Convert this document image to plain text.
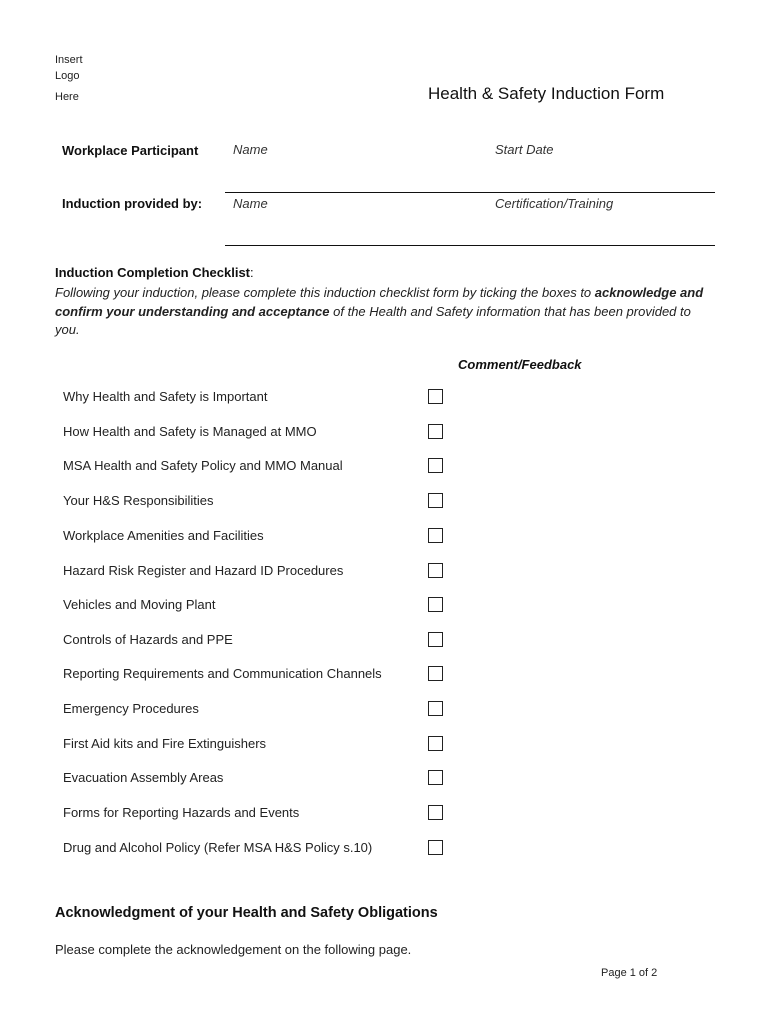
Insert
Logo
Here	Health & Safety Induction Form
Workplace Participant	Name	Start Date
Induction provided by: Name	Certification/Training
Induction Completion Checklist:
Following your induction, please complete this induction checklist form by ticking the boxes to acknowledge and confirm your understanding and acceptance of the Health and Safety information that has been provided to you.
Comment/Feedback
Why Health and Safety is Important
How Health and Safety is Managed at MMO
MSA Health and Safety Policy and MMO Manual
Your H&S Responsibilities
Workplace Amenities and Facilities
Hazard Risk Register and Hazard ID Procedures
Vehicles and Moving Plant
Controls of Hazards and PPE
Reporting Requirements and Communication Channels
Emergency Procedures
First Aid kits and Fire Extinguishers
Evacuation Assembly Areas
Forms for Reporting Hazards and Events
Drug and Alcohol Policy (Refer MSA H&S Policy s.10)
Acknowledgment of your Health and Safety Obligations
Please complete the acknowledgement on the following page.
Page 1 of 2
